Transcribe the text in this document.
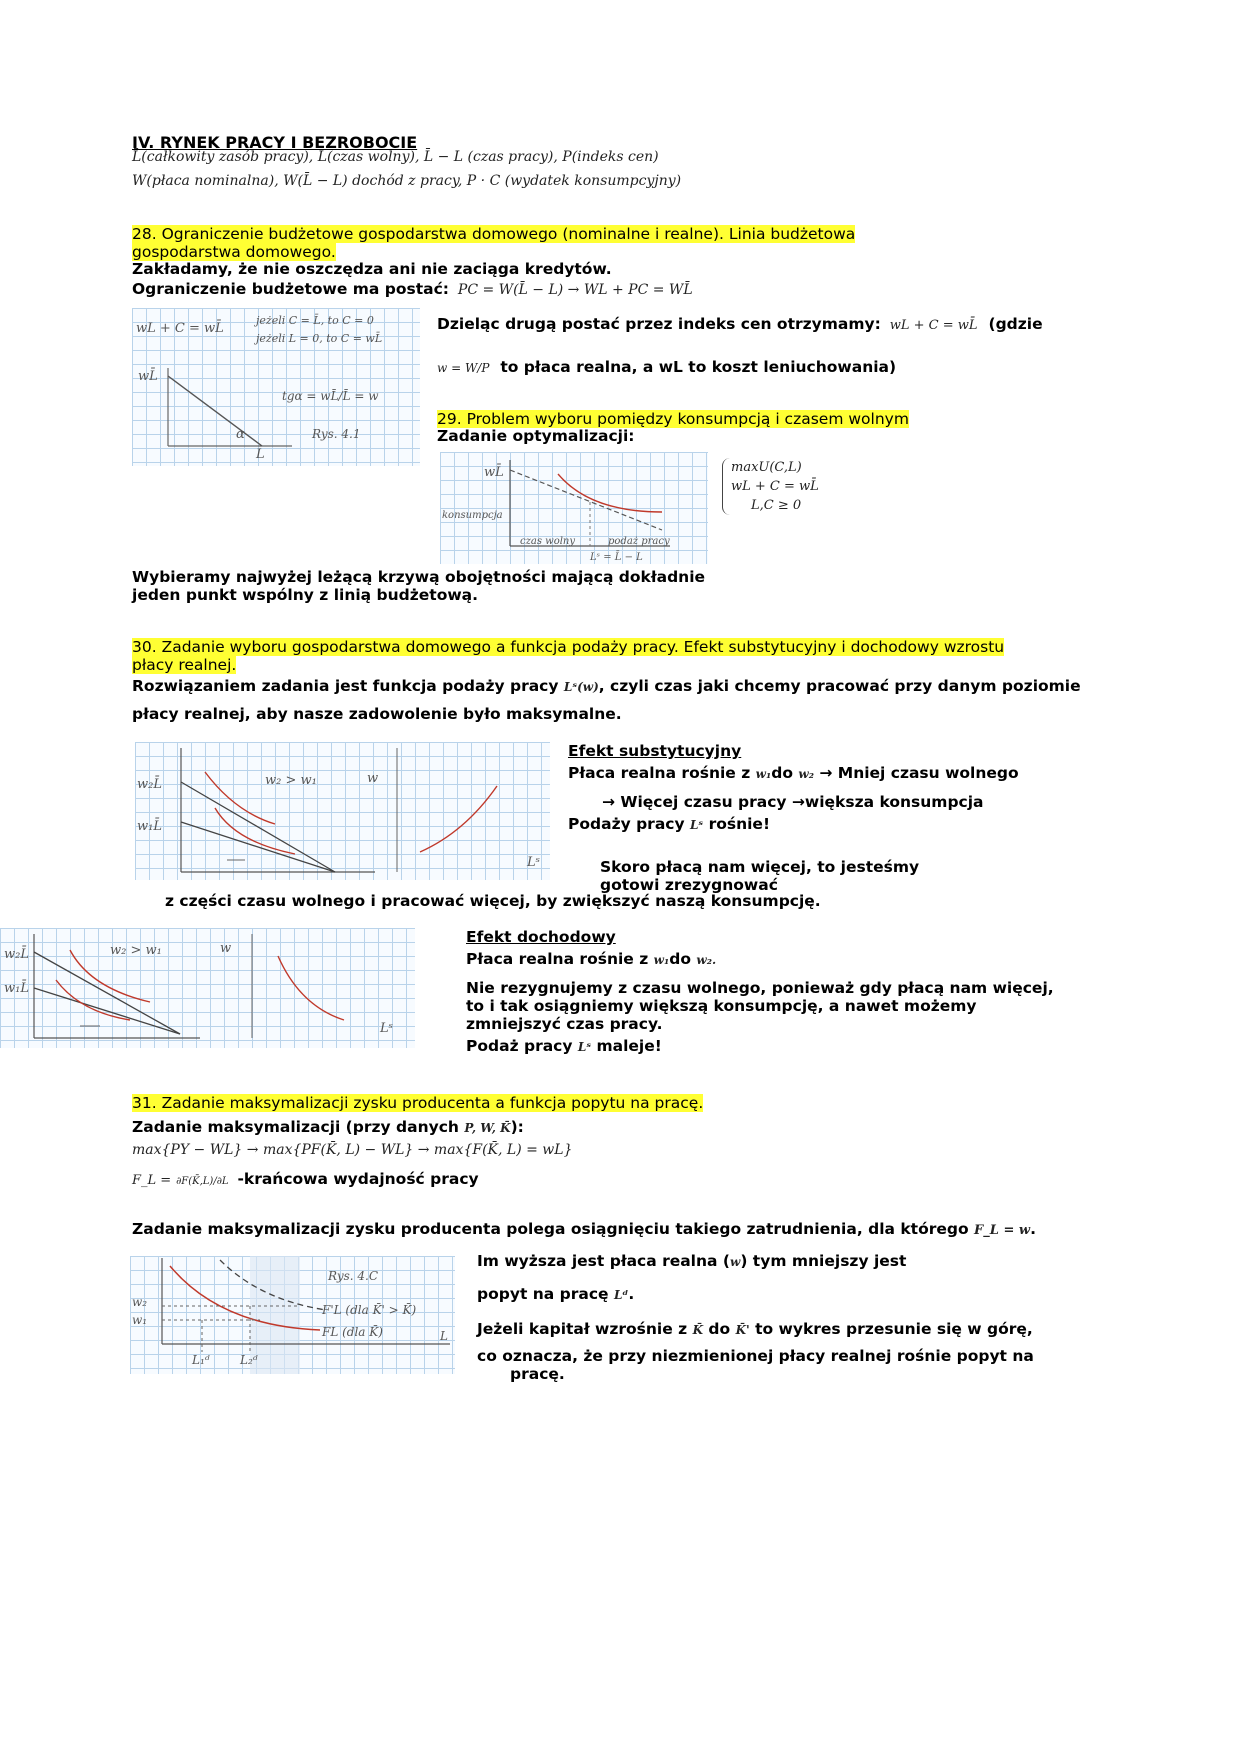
IV. RYNEK PRACY I BEZROBOCIE
L̄(całkowity zasób pracy), L(czas wolny), L̄ − L (czas pracy), P(indeks cen)
W(płaca nominalna), W(L̄ − L) dochód z pracy, P · C (wydatek konsumpcyjny)
28. Ograniczenie budżetowe gospodarstwa domowego (nominalne i realne). Linia budżetowa gospodarstwa domowego.
Zakładamy, że nie oszczędza ani nie zaciąga kredytów.
Ograniczenie budżetowe ma postać: PC = W(L̄ − L) → WL + PC = WL̄
wL + C = wL̄
jeżeli C = L̄, to C = 0
jeżeli L = 0, to C = wL̄
wL̄
L̄
tgα = wL̄/L̄ = w
α	Rys. 4.1
Dzieląc drugą postać przez indeks cen otrzymamy: wL + C = wL̄ (gdzie
w = W/P to płaca realna, a wL to koszt leniuchowania)
29. Problem wyboru pomiędzy konsumpcją i czasem wolnym
Zadanie optymalizacji:
wL̄
konsumpcja
czas wolny	podaż pracy
Lˢ = L̄ − L
maxU(C,L)
wL + C = wL̄
L,C ≥ 0
Wybieramy najwyżej leżącą krzywą obojętności mającą dokładnie
jeden punkt wspólny z linią budżetową.
30. Zadanie wyboru gospodarstwa domowego a funkcja podaży pracy. Efekt substytucyjny i dochodowy wzrostu
płacy realnej.
Rozwiązaniem zadania jest funkcja podaży pracy Lˢ(w), czyli czas jaki chcemy pracować przy danym poziomie
płacy realnej, aby nasze zadowolenie było maksymalne.
w₂L̄
w₁L̄
w₂ > w₁	w
Lˢ
Efekt substytucyjny
Płaca realna rośnie z w₁do w₂ → Mniej czasu wolnego
→ Więcej czasu pracy →większa konsumpcja
Podaży pracy Lˢ rośnie!
Skoro płacą nam więcej, to jesteśmy gotowi zrezygnować
z części czasu wolnego i pracować więcej, by zwiększyć naszą konsumpcję.
w₂L̄
w₁L̄
w₂ > w₁	w
Lˢ
Efekt dochodowy
Płaca realna rośnie z w₁do w₂.
Nie rezygnujemy z czasu wolnego, ponieważ gdy płacą nam więcej,
to i tak osiągniemy większą konsumpcję, a nawet możemy
zmniejszyć czas pracy.
Podaż pracy Lˢ maleje!
31. Zadanie maksymalizacji zysku producenta a funkcja popytu na pracę.
Zadanie maksymalizacji (przy danych P, W, K̄):
max{PY − WL} → max{PF(K̄, L) − WL} → max{F(K̄, L) = wL}
F_L = ∂F(K̄,L)/∂L -krańcowa wydajność pracy
Zadanie maksymalizacji zysku producenta polega osiągnięciu takiego zatrudnienia, dla którego F_L = w.
Rys. 4.C
w₂
w₁
F'L (dla K̄' > K̄)
FL (dla K̄)	L
L₁ᵈ	L₂ᵈ
Im wyższa jest płaca realna (w) tym mniejszy jest
popyt na pracę Lᵈ.
Jeżeli kapitał wzrośnie z K̄ do K̄' to wykres przesunie się w górę,
co oznacza, że przy niezmienionej płacy realnej rośnie popyt na
pracę.
